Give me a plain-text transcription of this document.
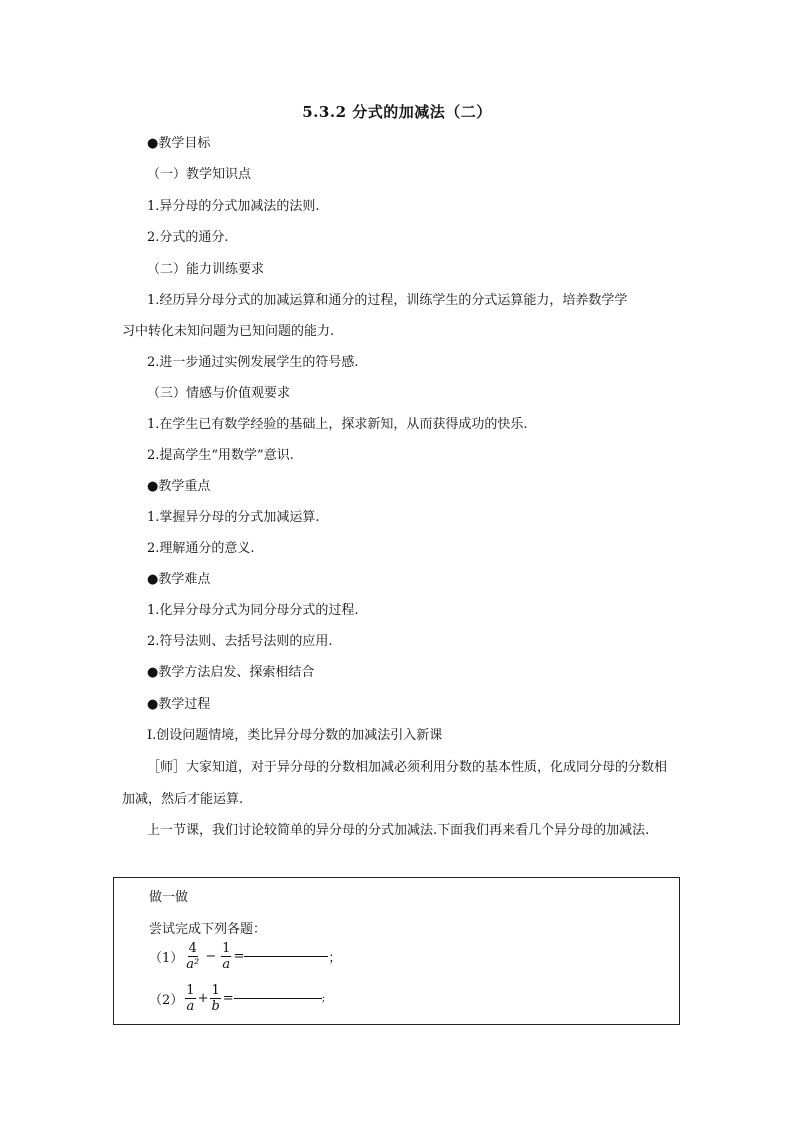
5.3.2 分式的加减法（二）
●教学目标
（一）教学知识点
1.异分母的分式加减法的法则.
2.分式的通分.
（二）能力训练要求
1.经历异分母分式的加减运算和通分的过程，训练学生的分式运算能力，培养数学学
习中转化未知问题为已知问题的能力.
2.进一步通过实例发展学生的符号感.
（三）情感与价值观要求
1.在学生已有数学经验的基础上，探求新知，从而获得成功的快乐.
2.提高学生“用数学”意识.
●教学重点
1.掌握异分母的分式加减运算.
2.理解通分的意义.
●教学难点
1.化异分母分式为同分母分式的过程.
2.符号法则、去括号法则的应用.
●教学方法启发、探索相结合
●教学过程
Ⅰ.创设问题情境，类比异分母分数的加减法引入新课
［师］大家知道，对于异分母的分数相加减必须利用分数的基本性质，化成同分母的分数相加减，然后才能运算.
上一节课，我们讨论较简单的异分母的分式加减法.下面我们再来看几个异分母的加减法.
做一做
尝试完成下列各题：
$(1) \frac{4}{\text{a²}} - \frac{1}{a}$ =	；
$(2) \frac{1}{a} + \frac{1}{b}$ =	;
